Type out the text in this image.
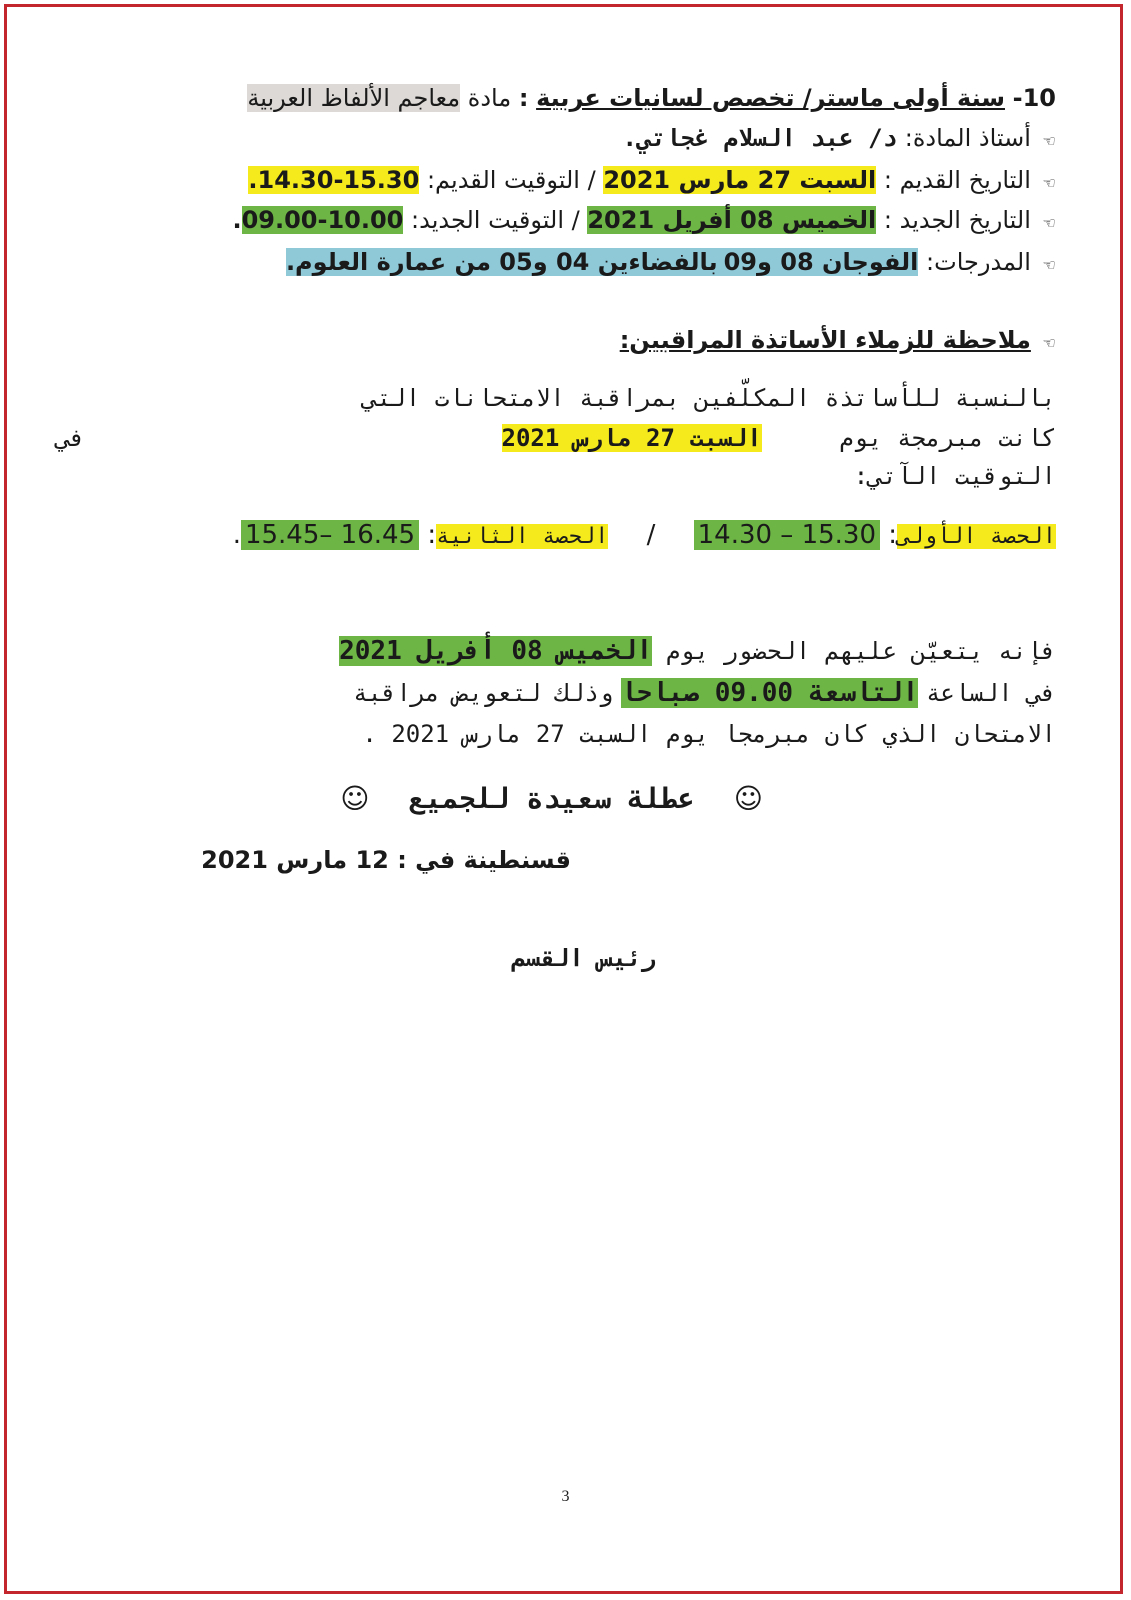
10- سنة أولى ماستر/ تخصص لسانيات عربية : مادة معاجم الألفاظ العربية
☜ أستاذ المادة: د/ عبد السلام غجاتي.
☜ التاريخ القديم : السبت 27 مارس 2021 / التوقيت القديم: 15.30-14.30.
☜ التاريخ الجديد : الخميس 08 أفريل 2021 / التوقيت الجديد: 10.00-09.00.
☜ المدرجات: الفوجان 08 و09بالفضاءين 04 و05 من عمارة العلوم.
☜ ملاحظة للزملاء الأساتذة المراقبين:
بالنسبة للأساتذة المكلّفين بمراقبة الامتحانات التي
كانت مبرمجة يوم السبت 27 مارس 2021
في
التوقيت الآتي:
الحصة الأولى: 14.30 – 15.30 / الحصة الثانية: 15.45– 16.45.
فإنه يتعيّن عليهم الحضور يوم الخميس 08 أفريل 2021
في الساعة التاسعة 09.00 صباحا وذلك لتعويض مراقبة
الامتحان الذي كان مبرمجا يوم السبت 27 مارس 2021 .
☺ عطلة سعيدة للجميع ☺
قسنطينة في : 12 مارس 2021
رئيس القسم
3
